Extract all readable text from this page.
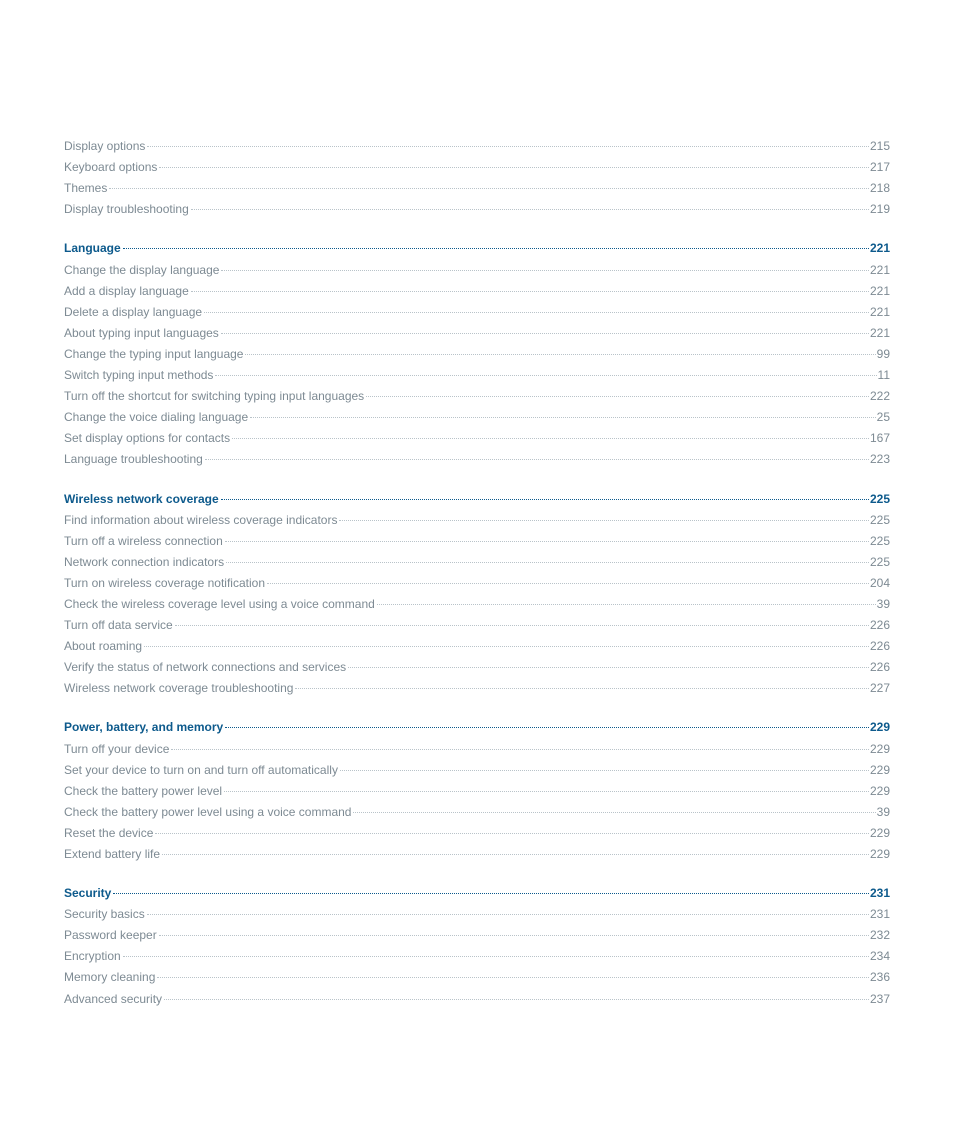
Display options	215
Keyboard options	217
Themes	218
Display troubleshooting	219
Language	221
Change the display language	221
Add a display language	221
Delete a display language	221
About typing input languages	221
Change the typing input language	99
Switch typing input methods	11
Turn off the shortcut for switching typing input languages	222
Change the voice dialing language	25
Set display options for contacts	167
Language troubleshooting	223
Wireless network coverage	225
Find information about wireless coverage indicators	225
Turn off a wireless connection	225
Network connection indicators	225
Turn on wireless coverage notification	204
Check the wireless coverage level using a voice command	39
Turn off data service	226
About roaming	226
Verify the status of network connections and services	226
Wireless network coverage troubleshooting	227
Power, battery, and memory	229
Turn off your device	229
Set your device to turn on and turn off automatically	229
Check the battery power level	229
Check the battery power level using a voice command	39
Reset the device	229
Extend battery life	229
Security	231
Security basics	231
Password keeper	232
Encryption	234
Memory cleaning	236
Advanced security	237
